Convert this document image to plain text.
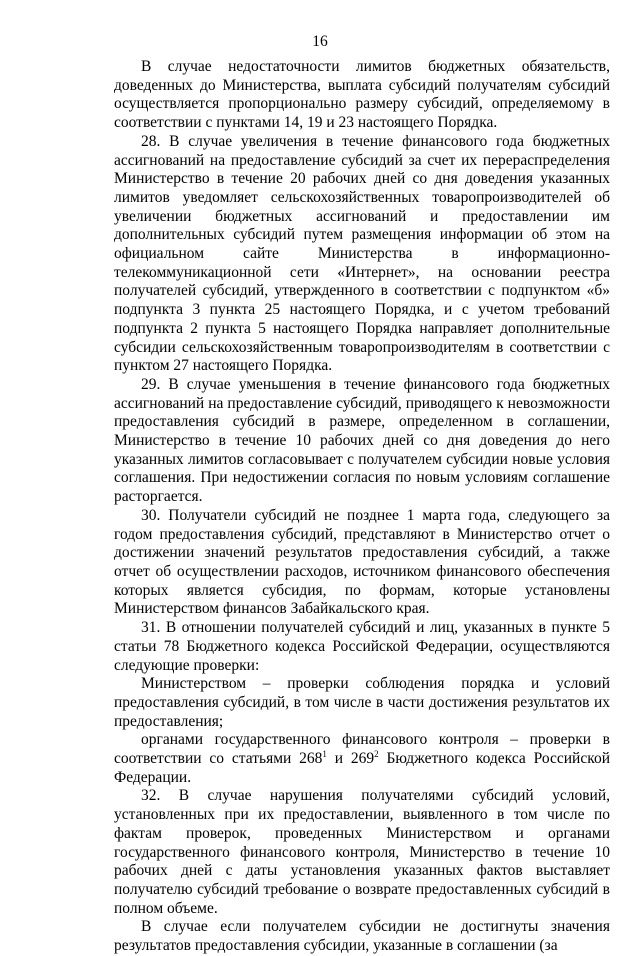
16

В случае недостаточности лимитов бюджетных обязательств, доведенных до Министерства, выплата субсидий получателям субсидий осуществляется пропорционально размеру субсидий, определяемому в соответствии с пунктами 14, 19 и 23 настоящего Порядка.

28. В случае увеличения в течение финансового года бюджетных ассигнований на предоставление субсидий за счет их перераспределения Министерство в течение 20 рабочих дней со дня доведения указанных лимитов уведомляет сельскохозяйственных товаропроизводителей об увеличении бюджетных ассигнований и предоставлении им дополнительных субсидий путем размещения информации об этом на официальном сайте Министерства в информационно-телекоммуникационной сети «Интернет», на основании реестра получателей субсидий, утвержденного в соответствии с подпунктом «б» подпункта 3 пункта 25 настоящего Порядка, и с учетом требований подпункта 2 пункта 5 настоящего Порядка направляет дополнительные субсидии сельскохозяйственным товаропроизводителям в соответствии с пунктом 27 настоящего Порядка.

29. В случае уменьшения в течение финансового года бюджетных ассигнований на предоставление субсидий, приводящего к невозможности предоставления субсидий в размере, определенном в соглашении, Министерство в течение 10 рабочих дней со дня доведения до него указанных лимитов согласовывает с получателем субсидии новые условия соглашения. При недостижении согласия по новым условиям соглашение расторгается.

30. Получатели субсидий не позднее 1 марта года, следующего за годом предоставления субсидий, представляют в Министерство отчет о достижении значений результатов предоставления субсидий, а также отчет об осуществлении расходов, источником финансового обеспечения которых является субсидия, по формам, которые установлены Министерством финансов Забайкальского края.

31. В отношении получателей субсидий и лиц, указанных в пункте 5 статьи 78 Бюджетного кодекса Российской Федерации, осуществляются следующие проверки:

Министерством – проверки соблюдения порядка и условий предоставления субсидий, в том числе в части достижения результатов их предоставления;

органами государственного финансового контроля – проверки в соответствии со статьями $268^1$ и $269^2$ Бюджетного кодекса Российской Федерации.

32. В случае нарушения получателями субсидий условий, установленных при их предоставлении, выявленного в том числе по фактам проверок, проведенных Министерством и органами государственного финансового контроля, Министерство в течение 10 рабочих дней с даты установления указанных фактов выставляет получателю субсидий требование о возврате предоставленных субсидий в полном объеме.

В случае если получателем субсидии не достигнуты значения результатов предоставления субсидии, указанные в соглашении (за
